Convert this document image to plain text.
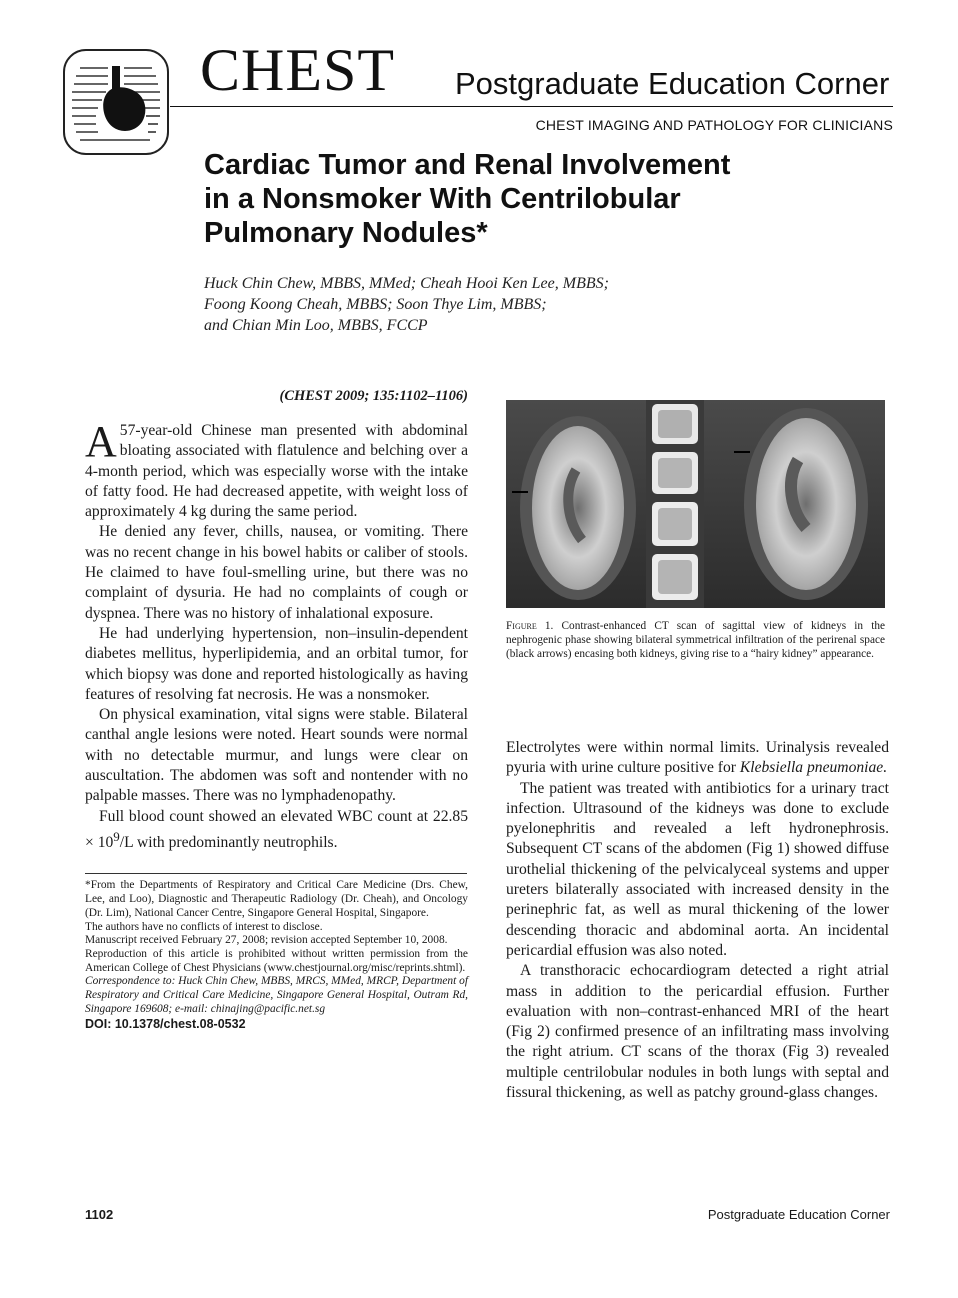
CHEST Postgraduate Education Corner
CHEST IMAGING AND PATHOLOGY FOR CLINICIANS
Cardiac Tumor and Renal Involvement
in a Nonsmoker With Centrilobular
Pulmonary Nodules*
Huck Chin Chew, MBBS, MMed; Cheah Hooi Ken Lee, MBBS;
Foong Koong Cheah, MBBS; Soon Thye Lim, MBBS;
and Chian Min Loo, MBBS, FCCP

(CHEST 2009; 135:1102–1106)

A 57-year-old Chinese man presented with abdominal bloating associated with flatulence and belching over a 4-month period, which was especially worse with the intake of fatty food. He had decreased appetite, with weight loss of approximately 4 kg during the same period.

He denied any fever, chills, nausea, or vomiting. There was no recent change in his bowel habits or caliber of stools. He claimed to have foul-smelling urine, but there was no complaint of dysuria. He had no complaints of cough or dyspnea. There was no history of inhalational exposure.

He had underlying hypertension, non–insulin-dependent diabetes mellitus, hyperlipidemia, and an orbital tumor, for which biopsy was done and reported histologically as having features of resolving fat necrosis. He was a nonsmoker.

On physical examination, vital signs were stable. Bilateral canthal angle lesions were noted. Heart sounds were normal with no detectable murmur, and lungs were clear on auscultation. The abdomen was soft and nontender with no palpable masses. There was no lymphadenopathy.

Full blood count showed an elevated WBC count at $22.85 \times 10^9/L$ with predominantly neutrophils.

*From the Departments of Respiratory and Critical Care Medicine (Drs. Chew, Lee, and Loo), Diagnostic and Therapeutic Radiology (Dr. Cheah), and Oncology (Dr. Lim), National Cancer Centre, Singapore General Hospital, Singapore.

The authors have no conflicts of interest to disclose.

Manuscript received February 27, 2008; revision accepted September 10, 2008.

Reproduction of this article is prohibited without written permission from the American College of Chest Physicians (www.chestjournal.org/misc/reprints.shtml).

Correspondence to: Huck Chin Chew, MBBS, MRCS, MMed, MRCP, Department of Respiratory and Critical Care Medicine, Singapore General Hospital, Outram Rd, Singapore 169608; e-mail: chinajing@pacific.net.sg

DOI: 10.1378/chest.08-0532

Figure 1. Contrast-enhanced CT scan of sagittal view of kidneys in the nephrogenic phase showing bilateral symmetrical infiltration of the perirenal space (black arrows) encasing both kidneys, giving rise to a “hairy kidney” appearance.

Electrolytes were within normal limits. Urinalysis revealed pyuria with urine culture positive for Klebsiella pneumoniae.

The patient was treated with antibiotics for a urinary tract infection. Ultrasound of the kidneys was done to exclude pyelonephritis and revealed a left hydronephrosis. Subsequent CT scans of the abdomen (Fig 1) showed diffuse urothelial thickening of the pelvicalyceal systems and upper ureters bilaterally associated with increased density in the perinephric fat, as well as mural thickening of the lower descending thoracic and abdominal aorta. An incidental pericardial effusion was also noted.

A transthoracic echocardiogram detected a right atrial mass in addition to the pericardial effusion. Further evaluation with non–contrast-enhanced MRI of the heart (Fig 2) confirmed presence of an infiltrating mass involving the right atrium. CT scans of the thorax (Fig 3) revealed multiple centrilobular nodules in both lungs with septal and fissural thickening, as well as patchy ground-glass changes.

1102	Postgraduate Education Corner
